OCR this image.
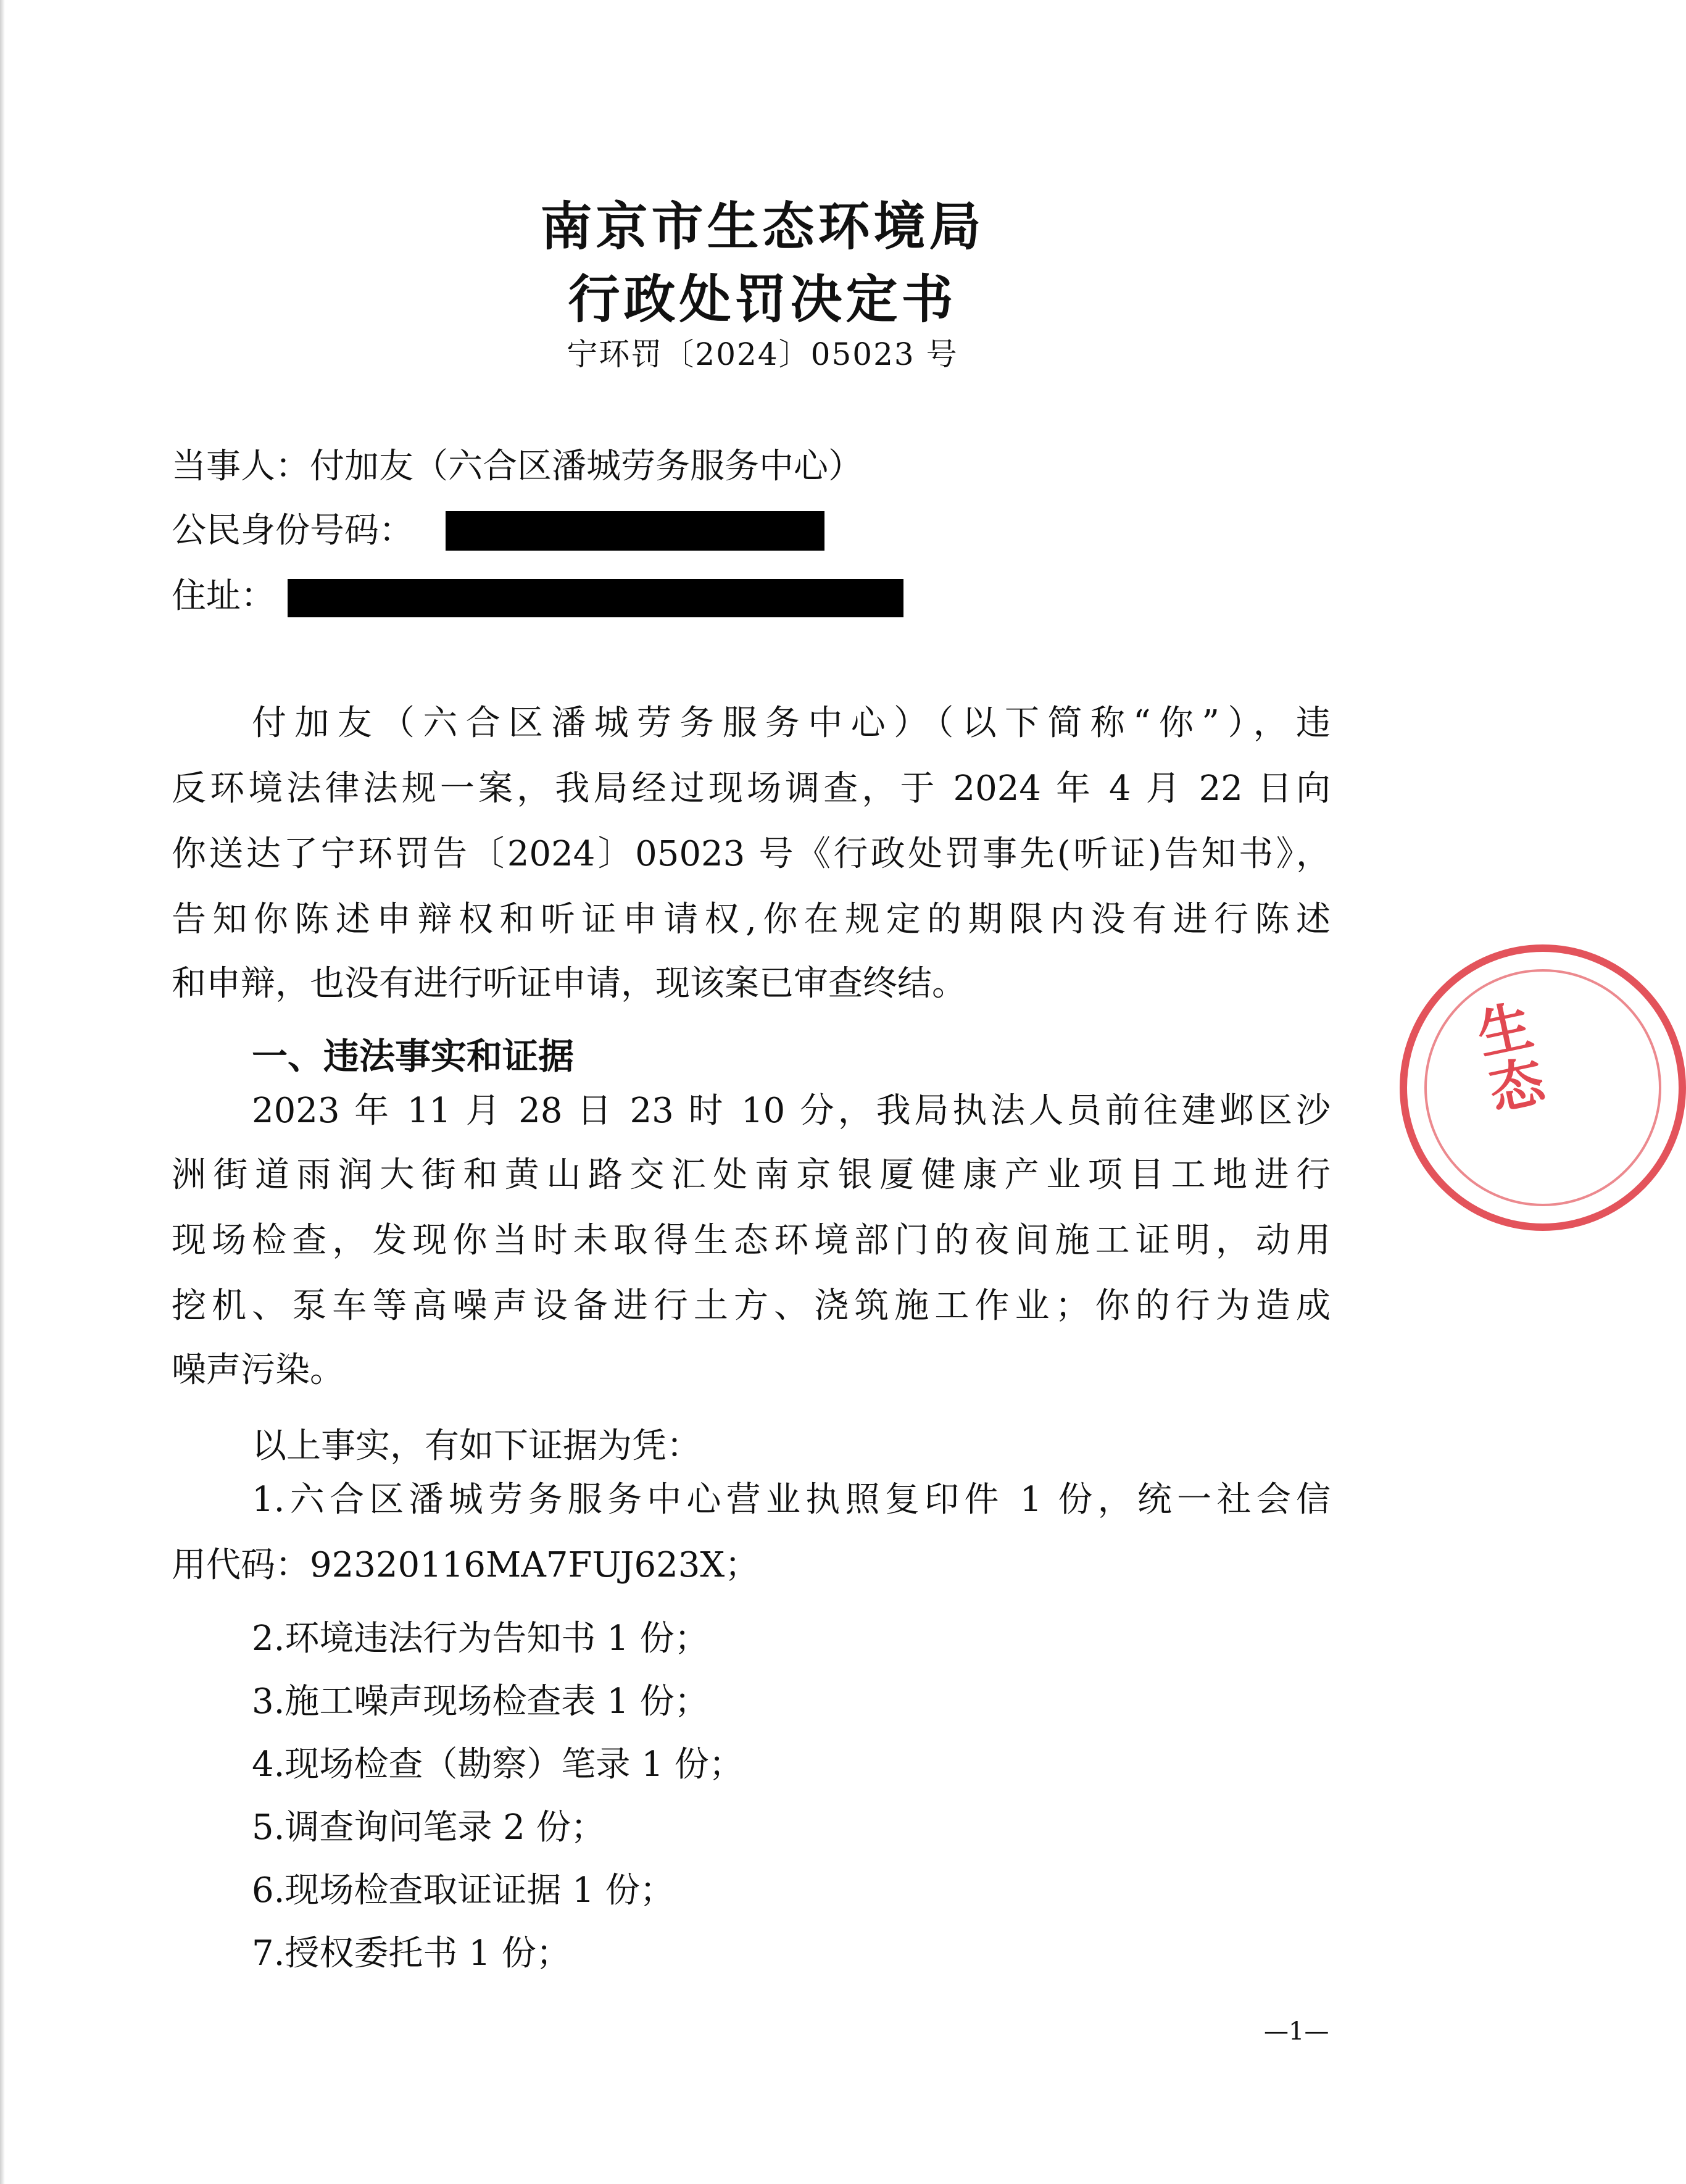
南京市生态环境局
行政处罚决定书
宁环罚〔2024〕05023 号
当事人：付加友（六合区潘城劳务服务中心）
公民身份号码：
住址：
付加友（六合区潘城劳务服务中心）（以下简称“你”），违
反环境法律法规一案，我局经过现场调查，于 2024 年 4 月 22 日向
你送达了宁环罚告〔2024〕05023 号《行政处罚事先(听证)告知书》，
告知你陈述申辩权和听证申请权,你在规定的期限内没有进行陈述
和申辩，也没有进行听证申请，现该案已审查终结。
一、违法事实和证据
2023 年 11 月 28 日 23 时 10 分，我局执法人员前往建邺区沙
洲街道雨润大街和黄山路交汇处南京银厦健康产业项目工地进行
现场检查，发现你当时未取得生态环境部门的夜间施工证明，动用
挖机、泵车等高噪声设备进行土方、浇筑施工作业；你的行为造成
噪声污染。
以上事实，有如下证据为凭：
1.六合区潘城劳务服务中心营业执照复印件 1 份，统一社会信
用代码：92320116MA7FUJ623X；
2.环境违法行为告知书 1 份；
3.施工噪声现场检查表 1 份；
4.现场检查（勘察）笔录 1 份；
5.调查询问笔录 2 份；
6.现场检查取证证据 1 份；
7.授权委托书 1 份；
生态
—1—
